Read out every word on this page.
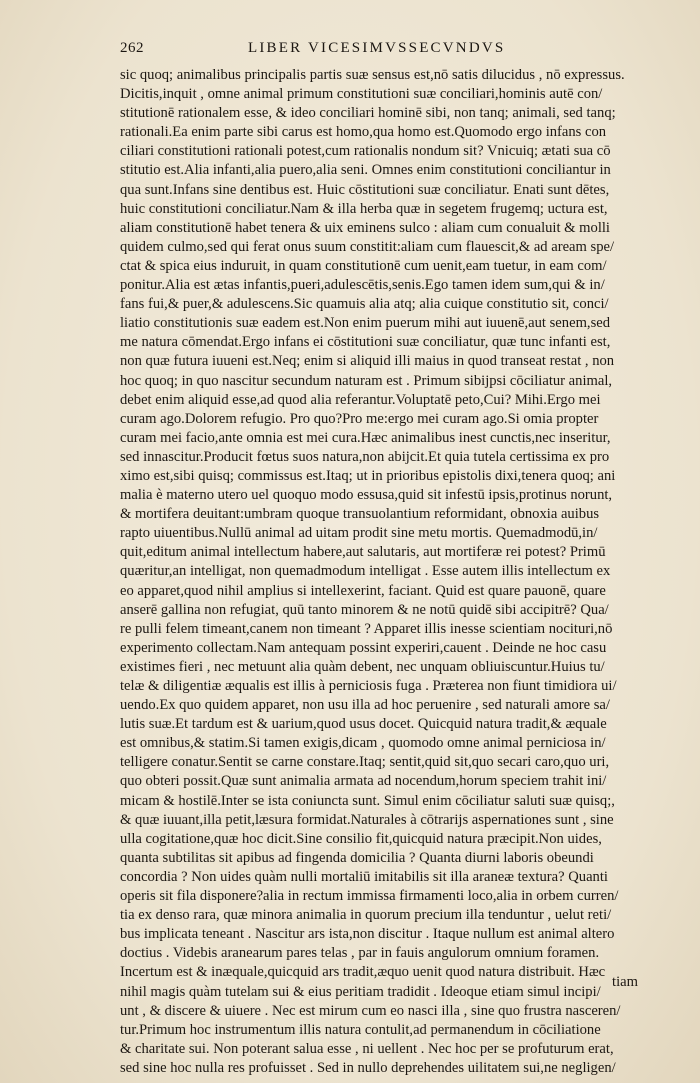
262	LIBER VICESIMVSSECVNDVS
sic quoq; animalibus principalis partis suæ sensus est,nō satis dilucidus , nō expressus.
Dicitis,inquit , omne animal primum constitutioni suæ conciliari,hominis autē con/
stitutionē rationalem esse, & ideo conciliari hominē sibi, non tanq; animali, sed tanq;
rationali.Ea enim parte sibi carus est homo,qua homo est.Quomodo ergo infans con
ciliari constitutioni rationali potest,cum rationalis nondum sit? Vnicuiq; ætati sua cō
stitutio est.Alia infanti,alia puero,alia seni. Omnes enim constitutioni conciliantur in
qua sunt.Infans sine dentibus est. Huic cōstitutioni suæ conciliatur. Enati sunt dētes,
huic constitutioni conciliatur.Nam & illa herba quæ in segetem frugemq; uctura est,
aliam constitutionē habet tenera & uix eminens sulco : aliam cum conualuit & molli
quidem culmo,sed qui ferat onus suum constitit:aliam cum flauescit,& ad aream spe/
ctat & spica eius induruit, in quam constitutionē cum uenit,eam tuetur, in eam com/
ponitur.Alia est ætas infantis,pueri,adulescētis,senis.Ego tamen idem sum,qui & in/
fans fui,& puer,& adulescens.Sic quamuis alia atq; alia cuique constitutio sit, conci/
liatio constitutionis suæ eadem est.Non enim puerum mihi aut iuuenē,aut senem,sed
me natura cōmendat.Ergo infans ei cōstitutioni suæ conciliatur, quæ tunc infanti est,
non quæ futura iuueni est.Neq; enim si aliquid illi maius in quod transeat restat , non
hoc quoq; in quo nascitur secundum naturam est . Primum sibijpsi cōciliatur animal,
debet enim aliquid esse,ad quod alia referantur.Voluptatē peto,Cui? Mihi.Ergo mei
curam ago.Dolorem refugio. Pro quo?Pro me:ergo mei curam ago.Si omia propter
curam mei facio,ante omnia est mei cura.Hæc animalibus inest cunctis,nec inseritur,
sed innascitur.Producit fœtus suos natura,non abijcit.Et quia tutela certissima ex pro
ximo est,sibi quisq; commissus est.Itaq; ut in prioribus epistolis dixi,tenera quoq; ani
malia è materno utero uel quoquo modo essusa,quid sit infestū ipsis,protinus norunt,
& mortifera deuitant:umbram quoque transuolantium reformidant, obnoxia auibus
rapto uiuentibus.Nullū animal ad uitam prodit sine metu mortis. Quemadmodū,in/
quit,editum animal intellectum habere,aut salutaris, aut mortiferæ rei potest? Primū
quæritur,an intelligat, non quemadmodum intelligat . Esse autem illis intellectum ex
eo apparet,quod nihil amplius si intellexerint, faciant. Quid est quare pauonē, quare
anserē gallina non refugiat, quū tanto minorem & ne notū quidē sibi accipitrē? Qua/
re pulli felem timeant,canem non timeant ? Apparet illis inesse scientiam nocituri,nō
experimento collectam.Nam antequam possint experiri,cauent . Deinde ne hoc casu
existimes fieri , nec metuunt alia quàm debent, nec unquam obliuiscuntur.Huius tu/
telæ & diligentiæ æqualis est illis à perniciosis fuga . Præterea non fiunt timidiora ui/
uendo.Ex quo quidem apparet, non usu illa ad hoc peruenire , sed naturali amore sa/
lutis suæ.Et tardum est & uarium,quod usus docet. Quicquid natura tradit,& æquale
est omnibus,& statim.Si tamen exigis,dicam , quomodo omne animal perniciosa in/
telligere conatur.Sentit se carne constare.Itaq; sentit,quid sit,quo secari caro,quo uri,
quo obteri possit.Quæ sunt animalia armata ad nocendum,horum speciem trahit ini/
micam & hostilē.Inter se ista coniuncta sunt. Simul enim cōciliatur saluti suæ quisq;,
& quæ iuuant,illa petit,læsura formidat.Naturales à cōtrarijs aspernationes sunt , sine
ulla cogitatione,quæ hoc dicit.Sine consilio fit,quicquid natura præcipit.Non uides,
quanta subtilitas sit apibus ad fingenda domicilia ? Quanta diurni laboris obeundi
concordia ? Non uides quàm nulli mortaliū imitabilis sit illa araneæ textura? Quanti
operis sit fila disponere?alia in rectum immissa firmamenti loco,alia in orbem curren/
tia ex denso rara, quæ minora animalia in quorum precium illa tenduntur , uelut reti/
bus implicata teneant . Nascitur ars ista,non discitur . Itaque nullum est animal altero
doctius . Videbis aranearum pares telas , par in fauis angulorum omnium foramen.
Incertum est & inæquale,quicquid ars tradit,æquo uenit quod natura distribuit. Hæc
nihil magis quàm tutelam sui & eius peritiam tradidit . Ideoque etiam simul incipi/
unt , & discere & uiuere . Nec est mirum cum eo nasci illa , sine quo frustra nasceren/
tur.Primum hoc instrumentum illis natura contulit,ad permanendum in cōciliatione
& charitate sui. Non poterant salua esse , ni uellent . Nec hoc per se profuturum erat,
sed sine hoc nulla res profuisset . Sed in nullo deprehendes uilitatem sui,ne negligen/
tiam
